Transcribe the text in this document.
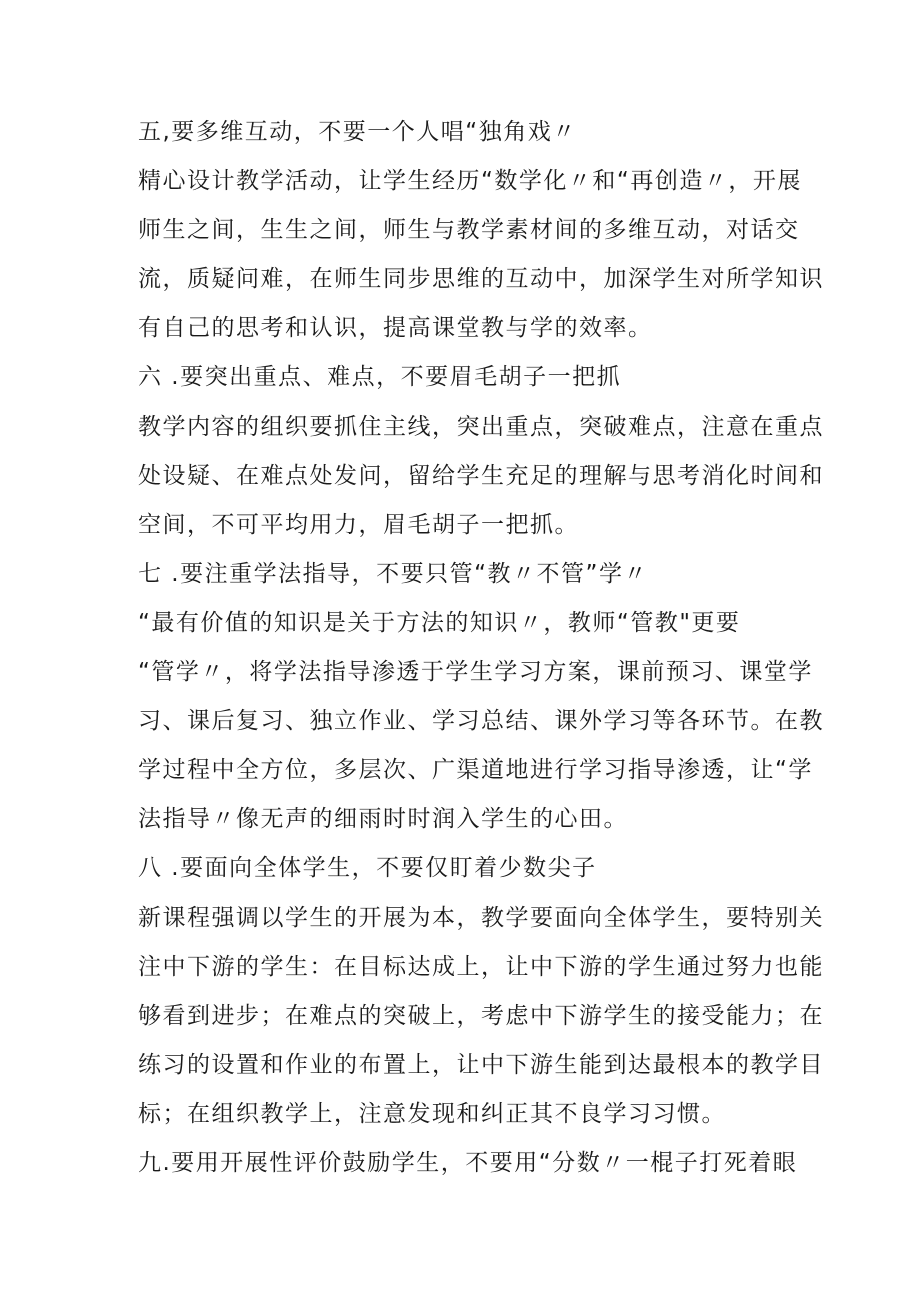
五,要多维互动，不要一个人唱“独角戏〃
精心设计教学活动，让学生经历“数学化〃和“再创造〃，开展
师生之间，生生之间，师生与教学素材间的多维互动，对话交
流，质疑问难，在师生同步思维的互动中，加深学生对所学知识
有自己的思考和认识，提高课堂教与学的效率。
六 .要突出重点、难点，不要眉毛胡子一把抓
教学内容的组织要抓住主线，突出重点，突破难点，注意在重点
处设疑、在难点处发问，留给学生充足的理解与思考消化时间和
空间，不可平均用力，眉毛胡子一把抓。
七 .要注重学法指导，不要只管“教〃不管”学〃
“最有价值的知识是关于方法的知识〃，教师“管教"更要
“管学〃，将学法指导渗透于学生学习方案，课前预习、课堂学
习、课后复习、独立作业、学习总结、课外学习等各环节。在教
学过程中全方位，多层次、广渠道地进行学习指导渗透，让“学
法指导〃像无声的细雨时时润入学生的心田。
八 .要面向全体学生，不要仅盯着少数尖子
新课程强调以学生的开展为本，教学要面向全体学生，要特别关
注中下游的学生：在目标达成上，让中下游的学生通过努力也能
够看到进步；在难点的突破上，考虑中下游学生的接受能力；在
练习的设置和作业的布置上，让中下游生能到达最根本的教学目
标；在组织教学上，注意发现和纠正其不良学习习惯。
九.要用开展性评价鼓励学生，不要用“分数〃一棍子打死着眼
